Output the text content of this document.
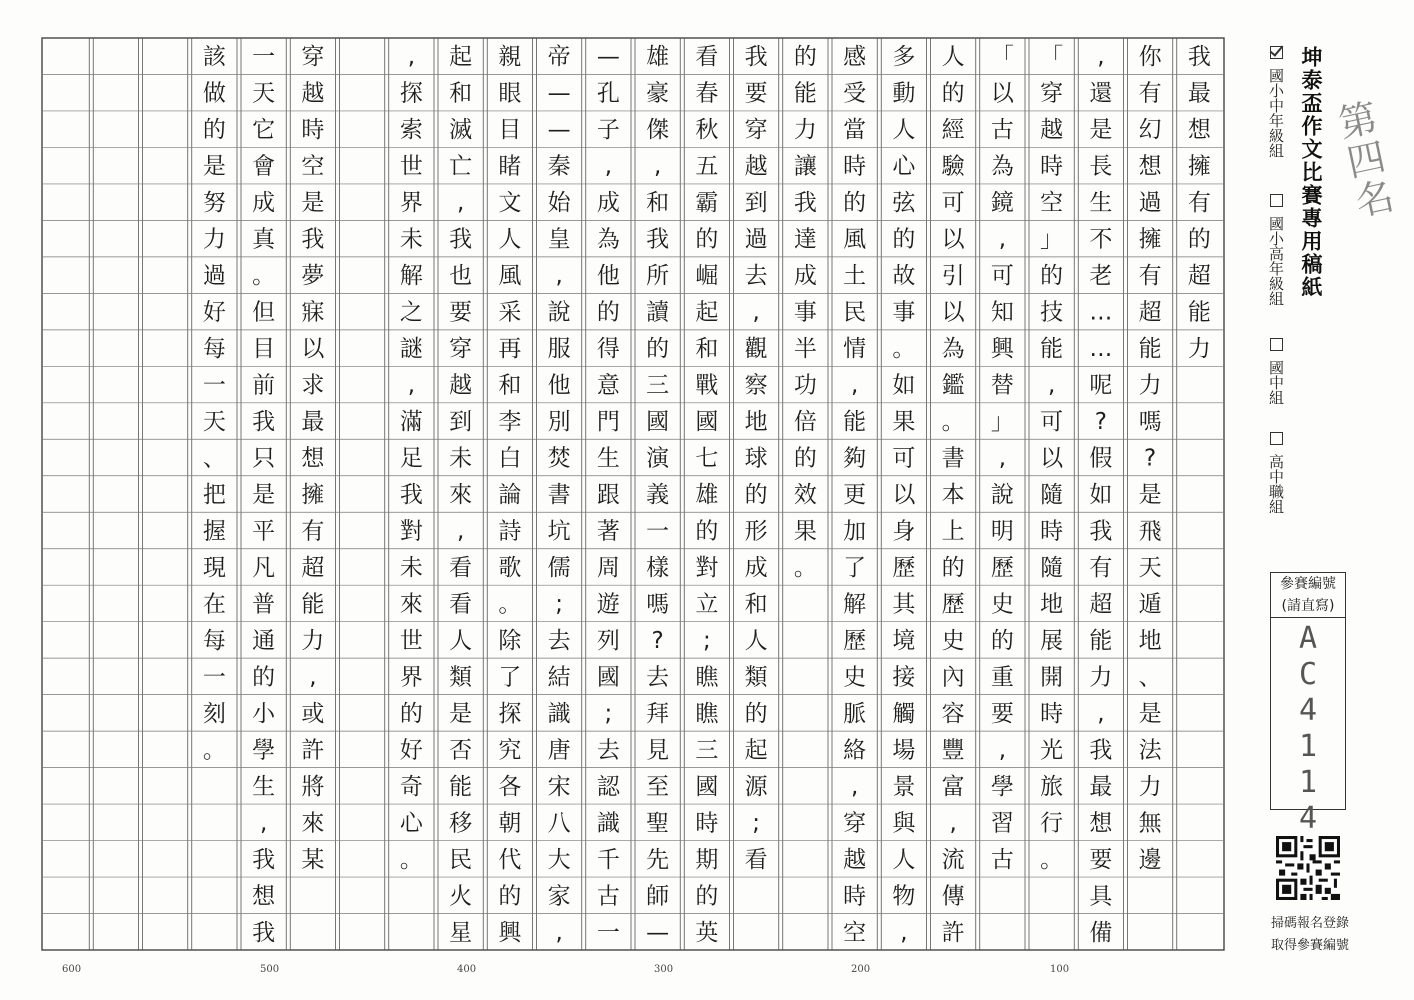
我
最
想
擁
有
的
超
能
力
你
有
幻
想
過
擁
有
超
能
力
嗎
?
是
飛
天
遁
地
、
是
法
力
無
邊
,
還
是
長
生
不
老
…
…
呢
?
假
如
我
有
超
能
力
,
我
最
想
要
具
備
「
穿
越
時
空
」
的
技
能
,
可
以
隨
時
隨
地
展
開
時
光
旅
行
。
「
以
古
為
鏡
,
可
知
興
替
」
,
說
明
歷
史
的
重
要
,
學
習
古
人
的
經
驗
可
以
引
以
為
鑑
。
書
本
上
的
歷
史
內
容
豐
富
,
流
傳
許
多
動
人
心
弦
的
故
事
。
如
果
可
以
身
歷
其
境
接
觸
場
景
與
人
物
,
感
受
當
時
的
風
土
民
情
,
能
夠
更
加
了
解
歷
史
脈
絡
,
穿
越
時
空
的
能
力
讓
我
達
成
事
半
功
倍
的
效
果
。
我
要
穿
越
到
過
去
,
觀
察
地
球
的
形
成
和
人
類
的
起
源
;
看
看
春
秋
五
霸
的
崛
起
和
戰
國
七
雄
的
對
立
;
瞧
瞧
三
國
時
期
的
英
雄
豪
傑
,
和
我
所
讀
的
三
國
演
義
一
樣
嗎
?
去
拜
見
至
聖
先
師
—
—
孔
子
,
成
為
他
的
得
意
門
生
跟
著
周
遊
列
國
;
去
認
識
千
古
一
帝
—
—
秦
始
皇
,
說
服
他
別
焚
書
坑
儒
;
去
結
識
唐
宋
八
大
家
,
親
眼
目
睹
文
人
風
采
再
和
李
白
論
詩
歌
。
除
了
探
究
各
朝
代
的
興
起
和
滅
亡
,
我
也
要
穿
越
到
未
來
,
看
看
人
類
是
否
能
移
民
火
星
,
探
索
世
界
未
解
之
謎
,
滿
足
我
對
未
來
世
界
的
好
奇
心
。
穿
越
時
空
是
我
夢
寐
以
求
最
想
擁
有
超
能
力
,
或
許
將
來
某
一
天
它
會
成
真
。
但
目
前
我
只
是
平
凡
普
通
的
小
學
生
,
我
想
我
該
做
的
是
努
力
過
好
每
一
天
、
把
握
現
在
每
一
刻
。
600	500	400	300	200	100
坤泰盃作文比賽專用稿紙
國小中年級組
國小高年級組
國中組
高中職組
第四名
參賽編號
(請直寫)
A
C
4
1
1
4
掃碼報名登錄
取得參賽編號
